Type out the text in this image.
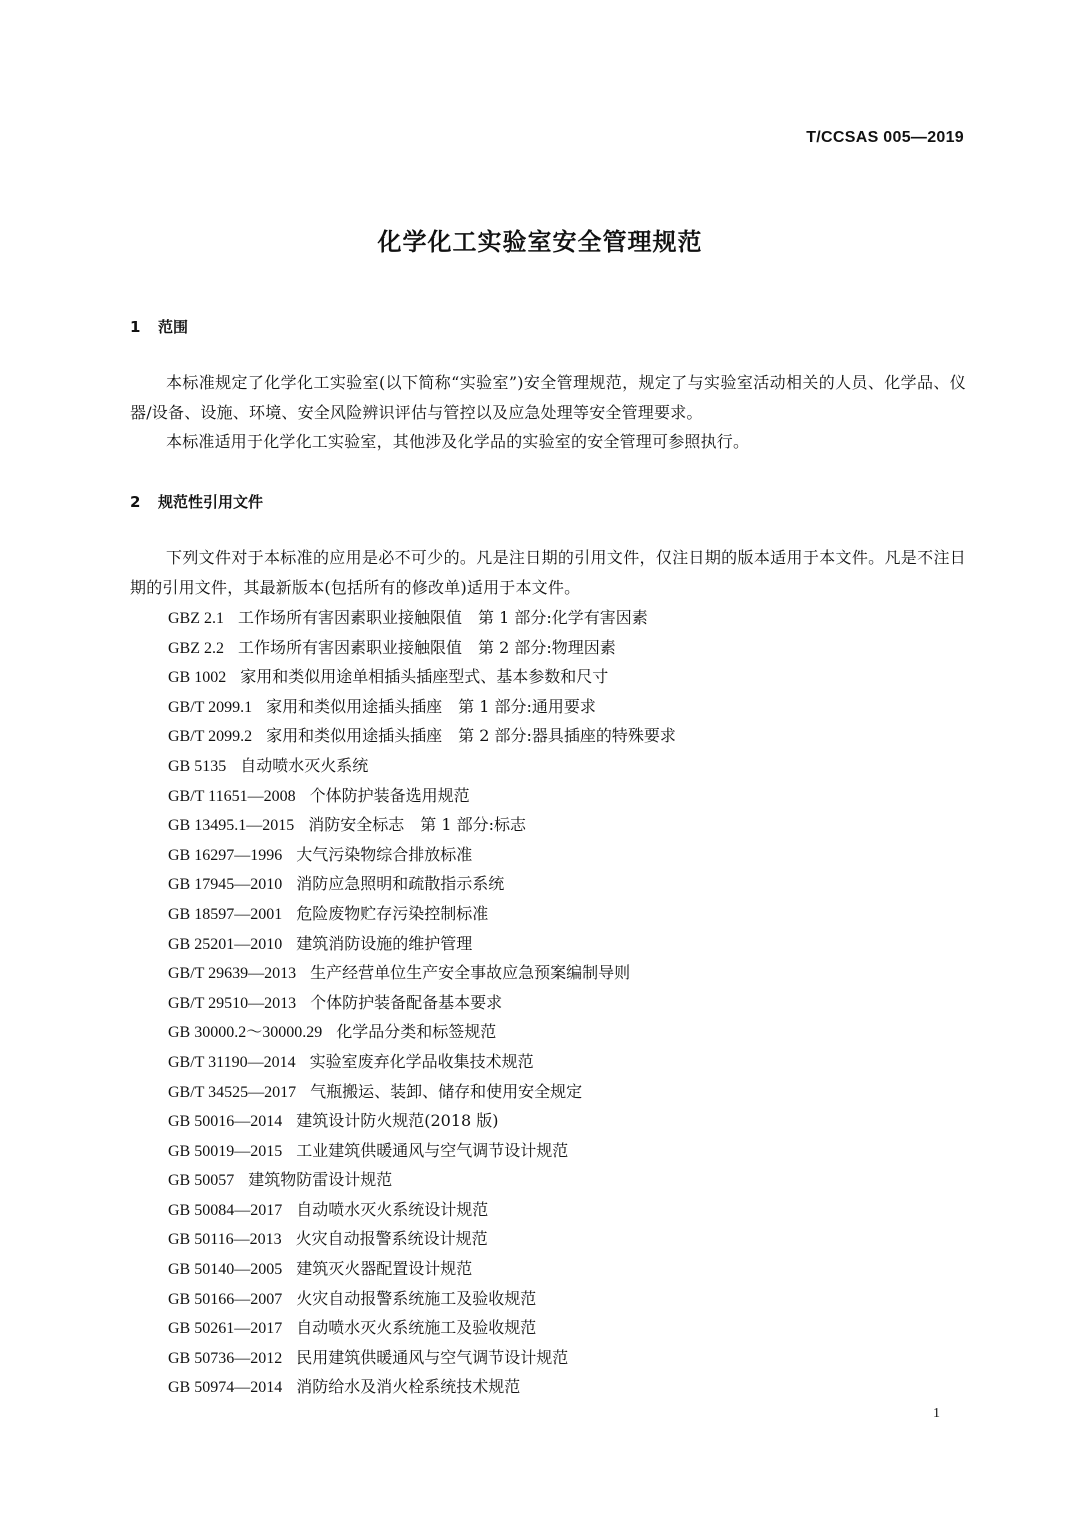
T/CCSAS 005—2019
化学化工实验室安全管理规范
1 范围

本标准规定了化学化工实验室(以下简称“实验室”)安全管理规范，规定了与实验室活动相关的人员、化学品、仪器/设备、设施、环境、安全风险辨识评估与管控以及应急处理等安全管理要求。

本标准适用于化学化工实验室，其他涉及化学品的实验室的安全管理可参照执行。

2 规范性引用文件

下列文件对于本标准的应用是必不可少的。凡是注日期的引用文件，仅注日期的版本适用于本文件。凡是不注日期的引用文件，其最新版本(包括所有的修改单)适用于本文件。

GBZ 2.1 工作场所有害因素职业接触限值　第 1 部分:化学有害因素
GBZ 2.2 工作场所有害因素职业接触限值　第 2 部分:物理因素
GB 1002 家用和类似用途单相插头插座型式、基本参数和尺寸
GB/T 2099.1 家用和类似用途插头插座　第 1 部分:通用要求
GB/T 2099.2 家用和类似用途插头插座　第 2 部分:器具插座的特殊要求
GB 5135 自动喷水灭火系统
GB/T 11651—2008 个体防护装备选用规范
GB 13495.1—2015 消防安全标志　第 1 部分:标志
GB 16297—1996 大气污染物综合排放标准
GB 17945—2010 消防应急照明和疏散指示系统
GB 18597—2001 危险废物贮存污染控制标准
GB 25201—2010 建筑消防设施的维护管理
GB/T 29639—2013 生产经营单位生产安全事故应急预案编制导则
GB/T 29510—2013 个体防护装备配备基本要求
GB 30000.2～30000.29 化学品分类和标签规范
GB/T 31190—2014 实验室废弃化学品收集技术规范
GB/T 34525—2017 气瓶搬运、装卸、储存和使用安全规定
GB 50016—2014 建筑设计防火规范(2018 版)
GB 50019—2015 工业建筑供暖通风与空气调节设计规范
GB 50057 建筑物防雷设计规范
GB 50084—2017 自动喷水灭火系统设计规范
GB 50116—2013 火灾自动报警系统设计规范
GB 50140—2005 建筑灭火器配置设计规范
GB 50166—2007 火灾自动报警系统施工及验收规范
GB 50261—2017 自动喷水灭火系统施工及验收规范
GB 50736—2012 民用建筑供暖通风与空气调节设计规范
GB 50974—2014 消防给水及消火栓系统技术规范
1
